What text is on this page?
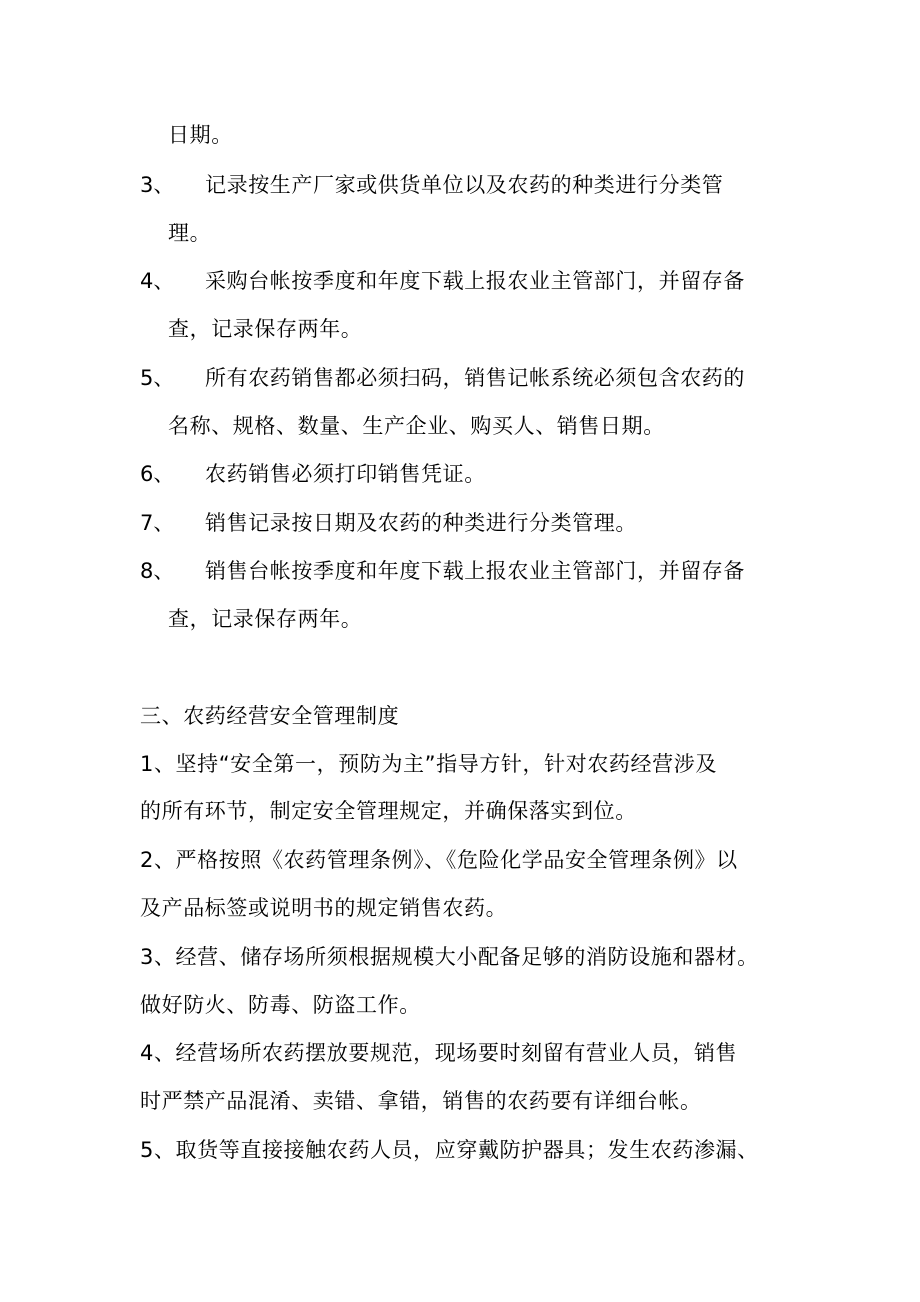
日期。
3、 记录按生产厂家或供货单位以及农药的种类进行分类管
理。
4、 采购台帐按季度和年度下载上报农业主管部门，并留存备
查，记录保存两年。
5、 所有农药销售都必须扫码，销售记帐系统必须包含农药的
名称、规格、数量、生产企业、购买人、销售日期。
6、 农药销售必须打印销售凭证。
7、 销售记录按日期及农药的种类进行分类管理。
8、 销售台帐按季度和年度下载上报农业主管部门，并留存备
查，记录保存两年。
三、农药经营安全管理制度
1、坚持“安全第一，预防为主”指导方针，针对农药经营涉及
的所有环节，制定安全管理规定，并确保落实到位。
2、严格按照《农药管理条例》、《危险化学品安全管理条例》以
及产品标签或说明书的规定销售农药。
3、经营、储存场所须根据规模大小配备足够的消防设施和器材。
做好防火、防毒、防盗工作。
4、经营场所农药摆放要规范，现场要时刻留有营业人员，销售
时严禁产品混淆、卖错、拿错，销售的农药要有详细台帐。
5、取货等直接接触农药人员，应穿戴防护器具；发生农药渗漏、
